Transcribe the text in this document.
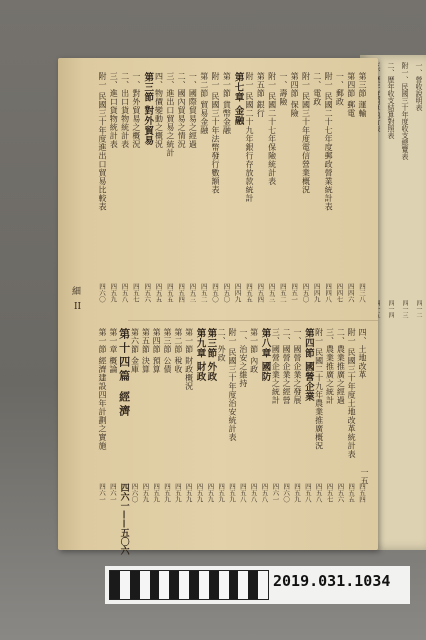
一、營收說明表
附一、民國三十年度收支總覽表
二、歷年收支結算對照表
四一二
四一三
四一四
細
II
一五
第三節 運輸
四三八
第四節 郵電
四四六
一、郵政
四四七
附一 民國二十七年度郵政營業統計表
四四八
二、電政
四四九
附一 民國三十年度電信營業概況
四五〇
第四節 保險
四五一
一、壽險
四五二
附一 民國二十七年保險統計表
四五三
第五節 銀行
四五四
附一 民國二十九年銀行存放款統計
四五五
第七章 金融
四四九
第一節 貨幣金融
四五〇
附一 民國三十年法幣發行數額表
四五〇
第二節 貿易金融
四五二
一、國際貿易之經過
四五三
二、國內貿易之情況
四五四
三、進出口貿易之統計
四五五
四、物價變動之概況
四五五
第三節 對外貿易
四五六
一、對外貿易之概況
四五七
二、出口貨物統計表
四五八
三、進口貨物統計表
四五九
附一 民國三十年度進出口貿易比較表
四六〇
四、土地改革
四五四
附一 民國三十年度土地改革統計表
四五五
二、農業推廣之經過
四五六
三、農業推廣之統計
四五七
附一 民國二十九年農業推廣概況
四五八
第四節 國營企業
四五八
一、國營企業之發展
四五九
二、國營企業之經營
四六〇
三、國營企業之統計
四六一
第八章 國防
四五八
第一節 內政
四五八
一、治安之維持
四五八
附一 民國三十年度治安統計表
四五九
二、外政
四五九
第三節 外政
四五九
第九章 財政
四五九
第一節 財政概況
四五九
第二節 稅收
四五九
第三節 公債
四五九
第四節 預算
四五九
第五節 決算
四五九
第六節 金庫
四六〇
第十四篇 經濟
四六一——五〇六
第一章 概論
四六一
第一節 經濟建設四年計劃之實施
四六一
2019.031.1034
